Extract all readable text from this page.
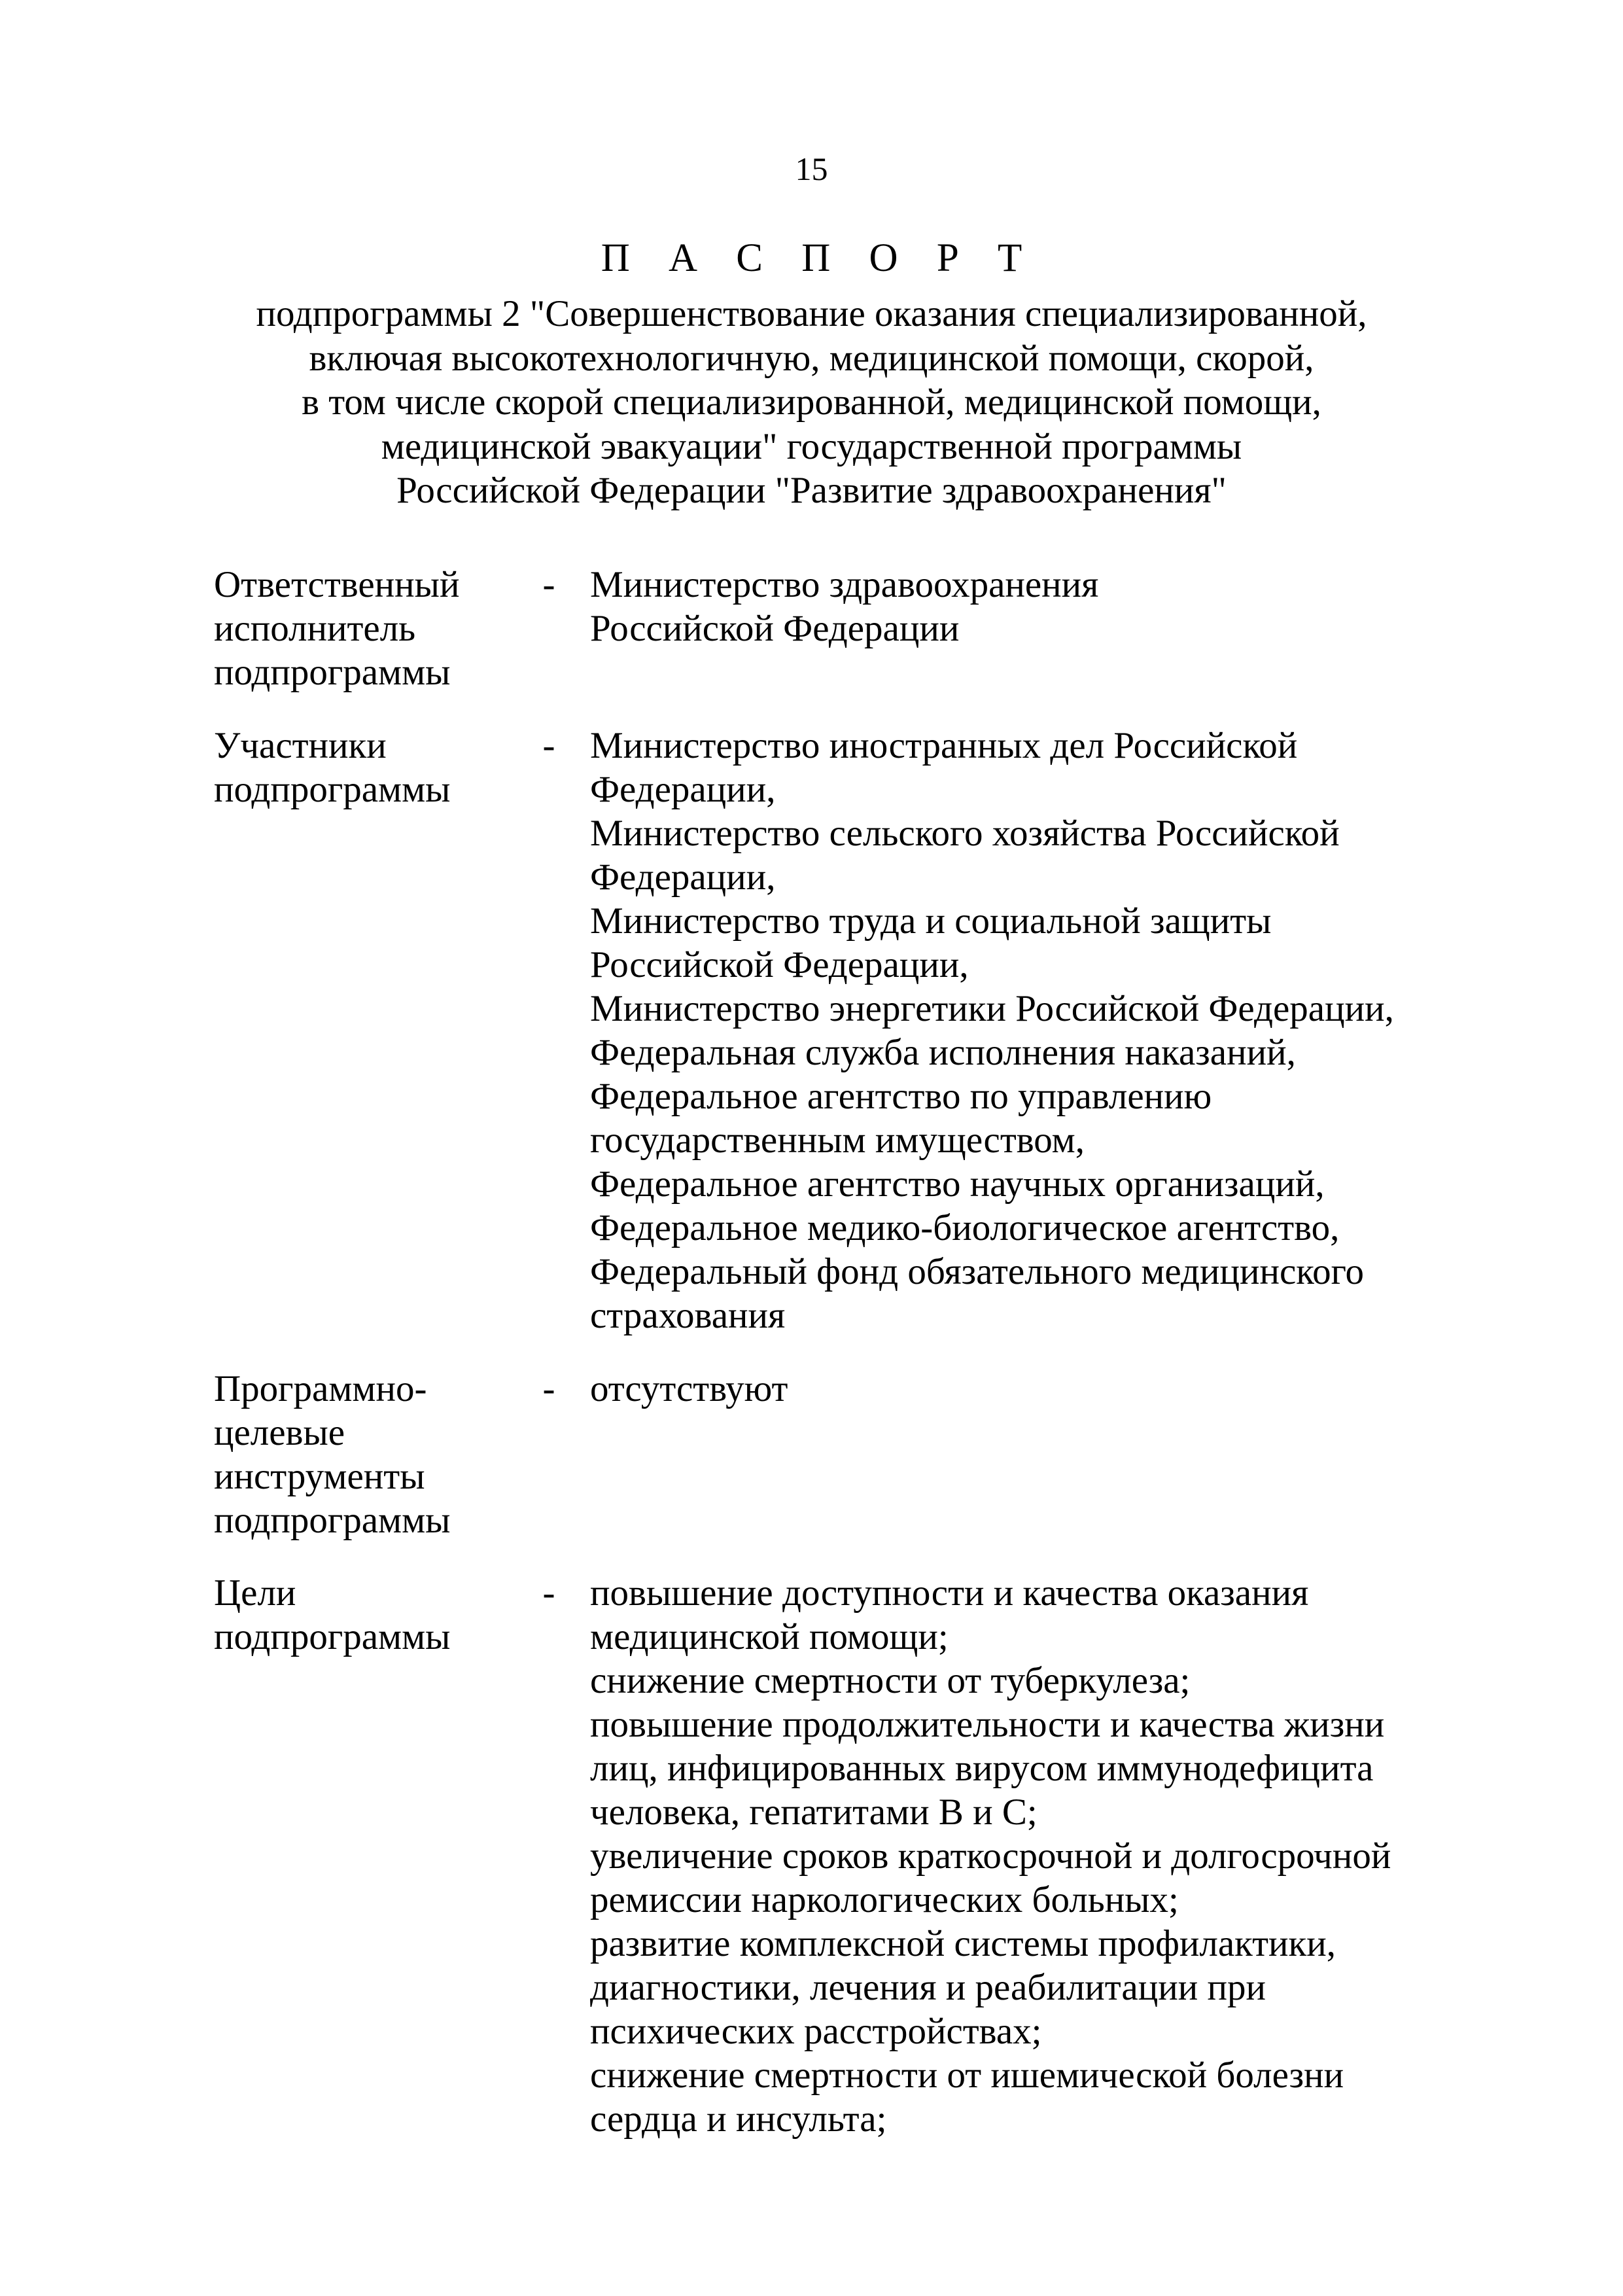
15
П А С П О Р Т
подпрограммы 2 "Совершенствование оказания специализированной,
включая высокотехнологичную, медицинской помощи, скорой,
в том числе скорой специализированной, медицинской помощи,
медицинской эвакуации" государственной программы
Российской Федерации "Развитие здравоохранения"
Ответственный
исполнитель
подпрограммы
- Министерство здравоохранения
Российской Федерации
Участники
подпрограммы
- Министерство иностранных дел Российской
Федерации,
Министерство сельского хозяйства Российской
Федерации,
Министерство труда и социальной защиты
Российской Федерации,
Министерство энергетики Российской Федерации,
Федеральная служба исполнения наказаний,
Федеральное агентство по управлению
государственным имуществом,
Федеральное агентство научных организаций,
Федеральное медико-биологическое агентство,
Федеральный фонд обязательного медицинского
страхования
Программно-
целевые
инструменты
подпрограммы
- отсутствуют
Цели
подпрограммы
- повышение доступности и качества оказания
медицинской помощи;
снижение смертности от туберкулеза;
повышение продолжительности и качества жизни
лиц, инфицированных вирусом иммунодефицита
человека, гепатитами В и С;
увеличение сроков краткосрочной и долгосрочной
ремиссии наркологических больных;
развитие комплексной системы профилактики,
диагностики, лечения и реабилитации при
психических расстройствах;
снижение смертности от ишемической болезни
сердца и инсульта;
